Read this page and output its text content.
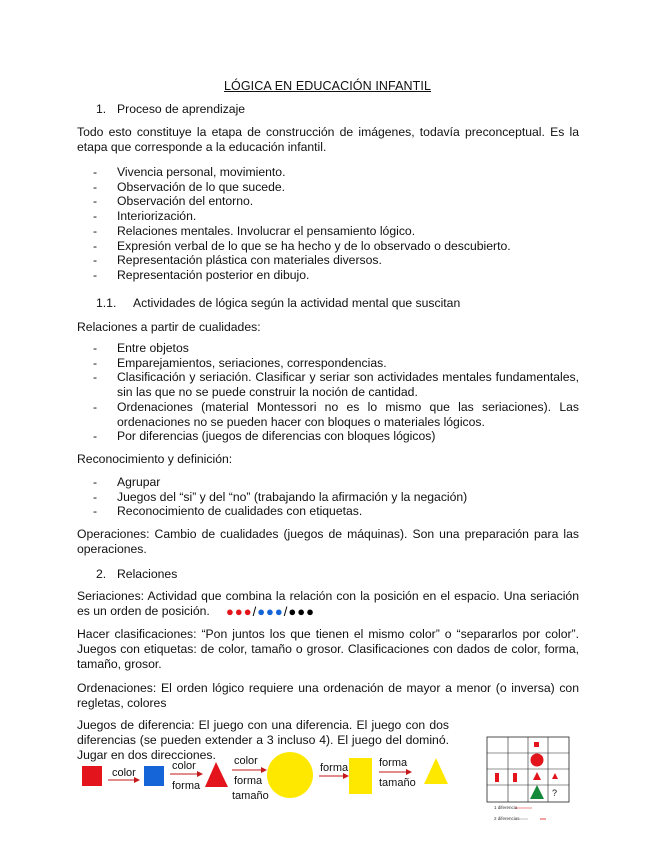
LÓGICA EN EDUCACIÓN INFANTIL
1. Proceso de aprendizaje
Todo esto constituye la etapa de construcción de imágenes, todavía preconceptual. Es la etapa que corresponde a la educación infantil.
- Vivencia personal, movimiento.
- Observación de lo que sucede.
- Observación del entorno.
- Interiorización.
- Relaciones mentales. Involucrar el pensamiento lógico.
- Expresión verbal de lo que se ha hecho y de lo observado o descubierto.
- Representación plástica con materiales diversos.
- Representación posterior en dibujo.
1.1. Actividades de lógica según la actividad mental que suscitan
Relaciones a partir de cualidades:
- Entre objetos
- Emparejamientos, seriaciones, correspondencias.
- Clasificación y seriación. Clasificar y seriar son actividades mentales fundamentales, sin las que no se puede construir la noción de cantidad.
- Ordenaciones (material Montessori no es lo mismo que las seriaciones). Las ordenaciones no se pueden hacer con bloques o materiales lógicos.
- Por diferencias (juegos de diferencias con bloques lógicos)
Reconocimiento y definición:
- Agrupar
- Juegos del “si” y del “no” (trabajando la afirmación y la negación)
- Reconocimiento de cualidades con etiquetas.
Operaciones: Cambio de cualidades (juegos de máquinas). Son una preparación para las operaciones.
2. Relaciones
Seriaciones: Actividad que combina la relación con la posición en el espacio. Una seriación es un orden de posición.	●●●/●●●/●●●
Hacer clasificaciones: “Pon juntos los que tienen el mismo color” o “separarlos por color”. Juegos con etiquetas: de color, tamaño o grosor. Clasificaciones con dados de color, forma, tamaño, grosor.
Ordenaciones: El orden lógico requiere una ordenación de mayor a menor (o inversa) con regletas, colores
Juegos de diferencia: El juego con una diferencia. El juego con dos diferencias (se pueden extender a 3 incluso 4). El juego del dominó. Jugar en dos direcciones.
color
color
forma
color
forma
tamaño
forma	forma
tamaño
?
1 diferencia
2 diferencias
